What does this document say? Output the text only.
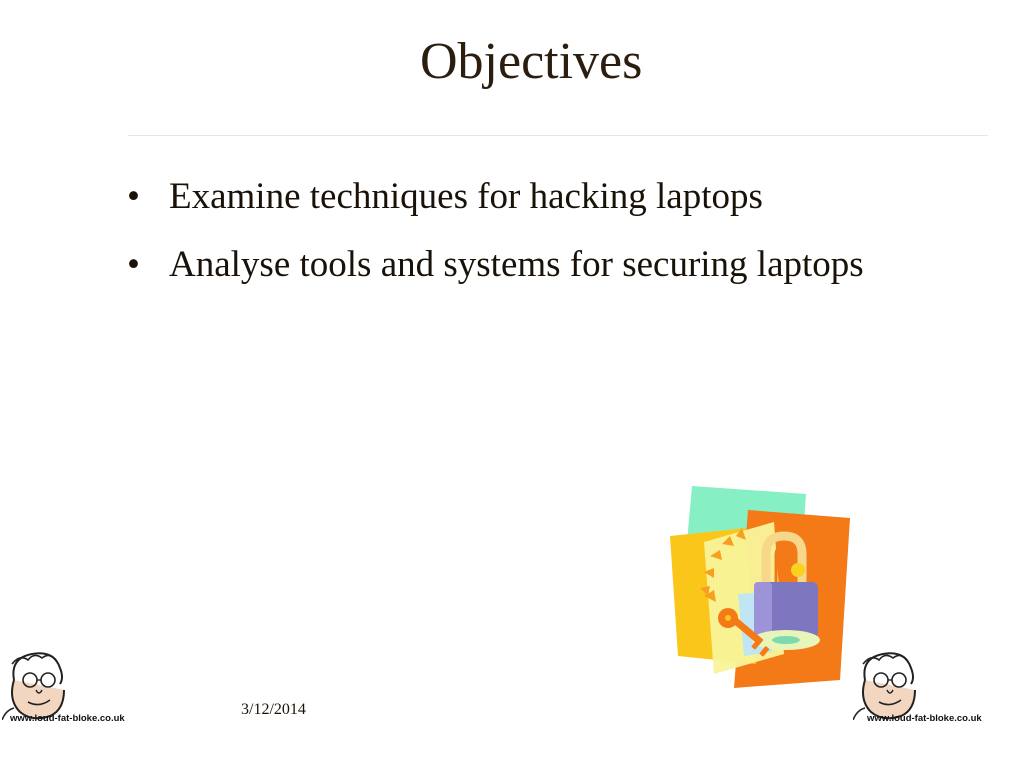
Objectives
• Examine techniques for hacking laptops
• Analyse tools and systems for securing laptops
3/12/2014
www.loud-fat-bloke.co.uk	www.loud-fat-bloke.co.uk
